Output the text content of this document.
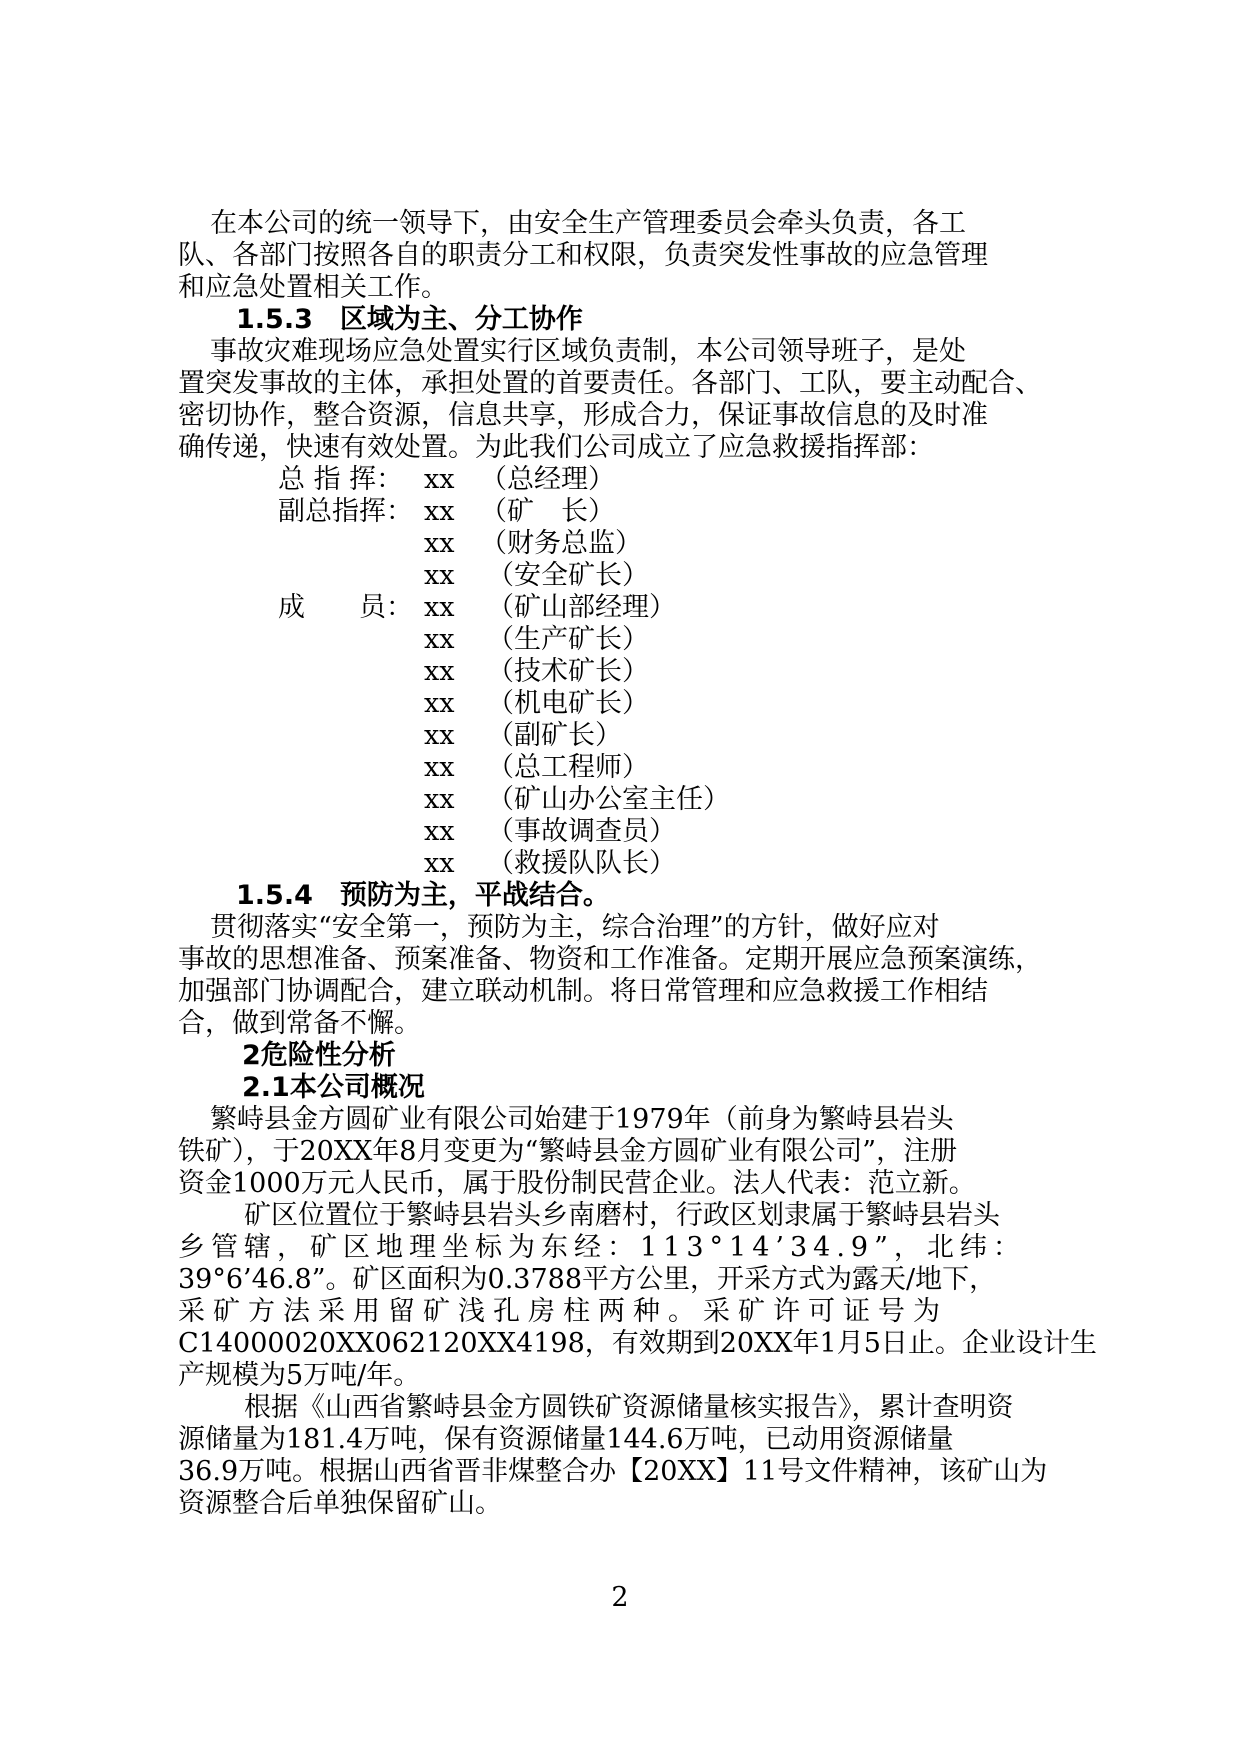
在本公司的统一领导下，由安全生产管理委员会牵头负责，各工
队、各部门按照各自的职责分工和权限，负责突发性事故的应急管理
和应急处置相关工作。
1.5.3　区域为主、分工协作
事故灾难现场应急处置实行区域负责制，本公司领导班子，是处
置突发事故的主体，承担处置的首要责任。各部门、工队，要主动配合、
密切协作，整合资源，信息共享，形成合力，保证事故信息的及时准
确传递，快速有效处置。为此我们公司成立了应急救援指挥部：
总 指 挥： xx （总经理）
副总指挥： xx （矿　长）
xx （财务总监）
xx （安全矿长）
成　　员： xx （矿山部经理）
xx （生产矿长）
xx （技术矿长）
xx （机电矿长）
xx （副矿长）
xx （总工程师）
xx （矿山办公室主任）
xx （事故调查员）
xx （救援队队长）
1.5.4　预防为主，平战结合。
贯彻落实“安全第一，预防为主，综合治理”的方针，做好应对
事故的思想准备、预案准备、物资和工作准备。定期开展应急预案演练，
加强部门协调配合，建立联动机制。将日常管理和应急救援工作相结
合，做到常备不懈。
2危险性分析
2.1本公司概况
繁峙县金方圆矿业有限公司始建于1979年（前身为繁峙县岩头
铁矿），于20XX年8月变更为“繁峙县金方圆矿业有限公司”，注册
资金1000万元人民币，属于股份制民营企业。法人代表：范立新。
矿区位置位于繁峙县岩头乡南磨村，行政区划隶属于繁峙县岩头
乡管辖，矿区地理坐标为东经：113°14’34.9”，北纬：
39°6’46.8”。矿区面积为0.3788平方公里，开采方式为露天/地下，
采矿方法采用留矿浅孔房柱两种。采矿许可证号为
C14000020XX062120XX4198，有效期到20XX年1月5日止。企业设计生
产规模为5万吨/年。
根据《山西省繁峙县金方圆铁矿资源储量核实报告》，累计查明资
源储量为181.4万吨，保有资源储量144.6万吨，已动用资源储量
36.9万吨。根据山西省晋非煤整合办【20XX】11号文件精神，该矿山为
资源整合后单独保留矿山。
2
